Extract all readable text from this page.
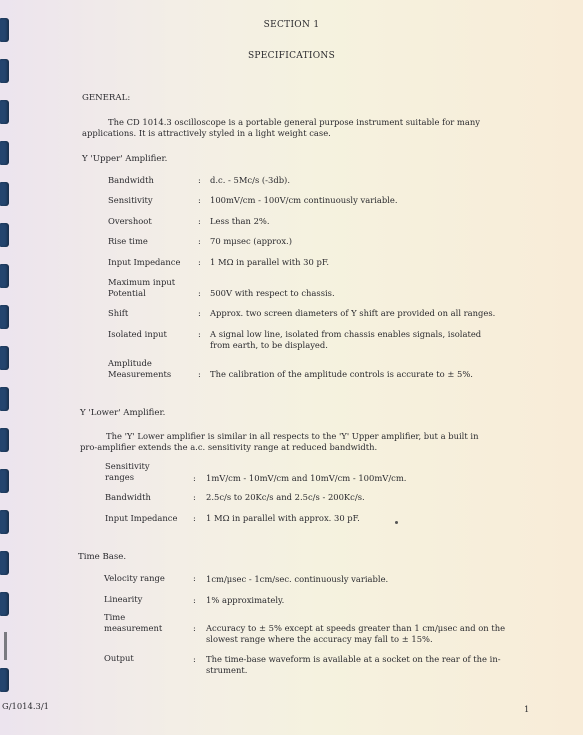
SECTION 1
SPECIFICATIONS
GENERAL:

The CD 1014.3 oscilloscope is a portable general purpose instrument suitable for many

applications. It is attractively styled in a light weight case.

Y 'Upper' Amplifier.
Bandwidth	: d.c. - 5Mc/s (-3db).
Sensitivity	: 100mV/cm - 100V/cm continuously variable.
Overshoot	: Less than 2%.
Rise time	: 70 mμsec (approx.)
Input Impedance : 1 MΩ in parallel with 30 pF.
Maximum input
Potential	: 500V with respect to chassis.
Shift	: Approx. two screen diameters of Y shift are provided on all ranges.
Isolated input	: A signal low line, isolated from chassis enables signals, isolated
from earth, to be displayed.
Amplitude
Measurements	: The calibration of the amplitude controls is accurate to ± 5%.
Y 'Lower' Amplifier.

The 'Y' Lower amplifier is similar in all respects to the 'Y' Upper amplifier, but a built in

pro-amplifier extends the a.c. sensitivity range at reduced bandwidth.

Sensitivity
ranges	: 1mV/cm - 10mV/cm and 10mV/cm - 100mV/cm.
Bandwidth	: 2.5c/s to 20Kc/s and 2.5c/s - 200Kc/s.
Input Impedance : 1 MΩ in parallel with approx. 30 pF.
Time Base.
Velocity range	: 1cm/μsec - 1cm/sec. continuously variable.
Linearity	: 1% approximately.
Time
measurement	: Accuracy to ± 5% except at speeds greater than 1 cm/μsec and on the
slowest range where the accuracy may fall to ± 15%.
Output	: The time-base waveform is available at a socket on the rear of the in-
strument.
G/1014.3/1	1
